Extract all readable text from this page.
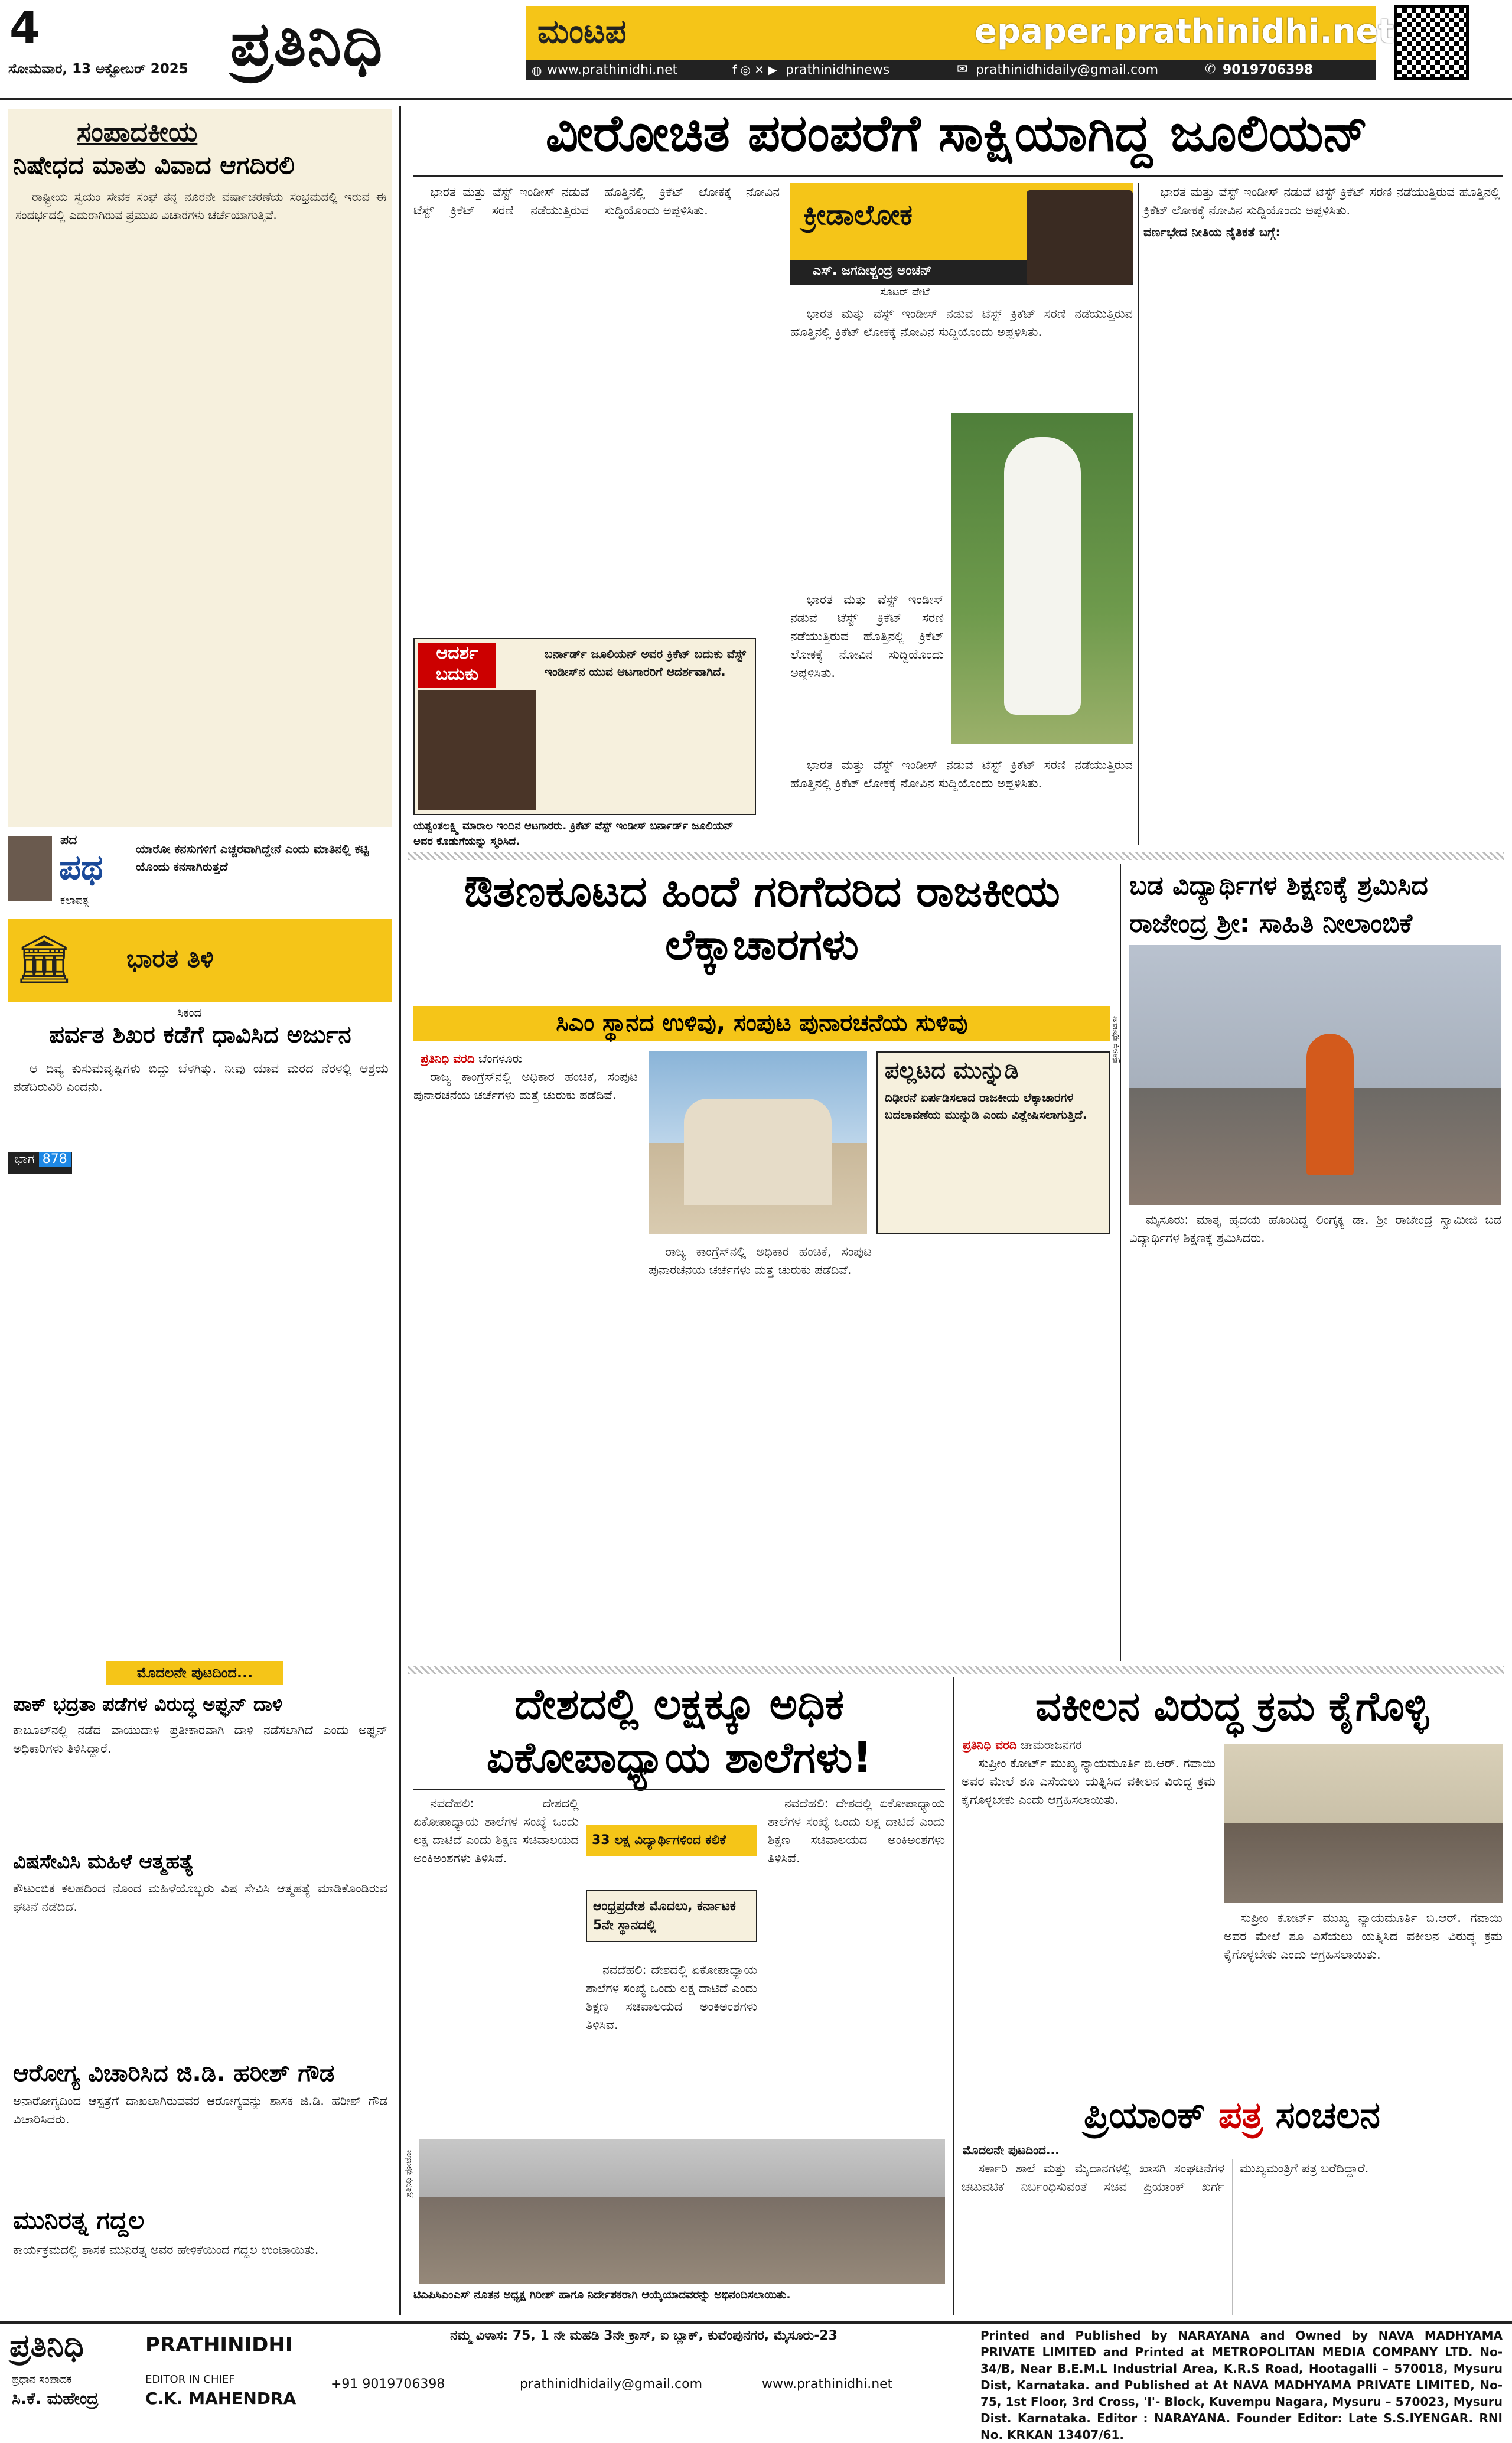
4
ಸೋಮವಾರ, 13 ಅಕ್ಟೋಬರ್ 2025 ಪ್ರತಿನಿಧಿ	ಮಂಟಪ	epaper.prathinidhi.net
◍ www.prathinidhi.net	f ◎ ✕ ▶ prathinidhinews	✉ prathinidhidaily@gmail.com	✆ 9019706398
ಸಂಪಾದಕೀಯ
ನಿಷೇಧದ ಮಾತು ವಿವಾದ ಆಗದಿರಲಿ

ರಾಷ್ಟ್ರೀಯ ಸ್ವಯಂ ಸೇವಕ ಸಂಘ ತನ್ನ ನೂರನೇ ವರ್ಷಾಚರಣೆಯ ಸಂಭ್ರಮದಲ್ಲಿ ಇರುವ ಈ ಸಂದರ್ಭದಲ್ಲಿ ಎದುರಾಗಿರುವ ಪ್ರಮುಖ ವಿಚಾರಗಳು ಚರ್ಚೆಯಾಗುತ್ತಿವೆ.

ಪದ
ಪಥ
ಕಲಾವತ್ಸ
ಯಾರೋ ಕನಸುಗಳಿಗೆ ಎಚ್ಚರವಾಗಿದ್ದೇನೆ ಎಂದು ಮಾತಿನಲ್ಲಿ ಕಟ್ಟಿ ಯೊಂದು ಕನಸಾಗಿರುತ್ತದೆ
🏛	ಭಾರತ ತಿಳಿ
ಸಿಕಂದ
ಪರ್ವತ ಶಿಖರ ಕಡೆಗೆ ಧಾವಿಸಿದ ಅರ್ಜುನ

ಆ ದಿವ್ಯ ಕುಸುಮವೃಷ್ಟಿಗಳು ಬಿದ್ದು ಬೆಳಗಿತ್ತು. ನೀವು ಯಾವ ಮರದ ನೆರಳಲ್ಲಿ ಆಶ್ರಯ ಪಡೆದಿರುವಿರಿ ಎಂದನು.

ಭಾಗ 878
ಮೊದಲನೇ ಪುಟದಿಂದ...
ಪಾಕ್ ಭದ್ರತಾ ಪಡೆಗಳ ವಿರುದ್ಧ ಅಫ್ಘನ್ ದಾಳಿ
ಕಾಬೂಲ್‌ನಲ್ಲಿ ನಡೆದ ವಾಯುದಾಳಿ ಪ್ರತೀಕಾರವಾಗಿ ದಾಳಿ ನಡೆಸಲಾಗಿದೆ ಎಂದು ಅಫ್ಘನ್ ಅಧಿಕಾರಿಗಳು ತಿಳಿಸಿದ್ದಾರೆ.
ವಿಷಸೇವಿಸಿ ಮಹಿಳೆ ಆತ್ಮಹತ್ಯೆ
ಕೌಟುಂಬಿಕ ಕಲಹದಿಂದ ನೊಂದ ಮಹಿಳೆಯೊಬ್ಬರು ವಿಷ ಸೇವಿಸಿ ಆತ್ಮಹತ್ಯೆ ಮಾಡಿಕೊಂಡಿರುವ ಘಟನೆ ನಡೆದಿದೆ.
ಆರೋಗ್ಯ ವಿಚಾರಿಸಿದ ಜಿ.ಡಿ. ಹರೀಶ್ ಗೌಡ
ಅನಾರೋಗ್ಯದಿಂದ ಆಸ್ಪತ್ರೆಗೆ ದಾಖಲಾಗಿರುವವರ ಆರೋಗ್ಯವನ್ನು ಶಾಸಕ ಜಿ.ಡಿ. ಹರೀಶ್ ಗೌಡ ವಿಚಾರಿಸಿದರು.
ಮುನಿರತ್ನ ಗದ್ದಲ
ಕಾರ್ಯಕ್ರಮದಲ್ಲಿ ಶಾಸಕ ಮುನಿರತ್ನ ಅವರ ಹೇಳಿಕೆಯಿಂದ ಗದ್ದಲ ಉಂಟಾಯಿತು.
ವೀರೋಚಿತ ಪರಂಪರೆಗೆ ಸಾಕ್ಷಿಯಾಗಿದ್ದ ಜೂಲಿಯನ್

ಭಾರತ ಮತ್ತು ವೆಸ್ಟ್ ಇಂಡೀಸ್ ನಡುವೆ ಟೆಸ್ಟ್ ಕ್ರಿಕೆಟ್ ಸರಣಿ ನಡೆಯುತ್ತಿರುವ ಹೊತ್ತಿನಲ್ಲಿ ಕ್ರಿಕೆಟ್ ಲೋಕಕ್ಕೆ ನೋವಿನ ಸುದ್ದಿಯೊಂದು ಅಪ್ಪಳಿಸಿತು.	ಕ್ರೀಡಾಲೋಕ
ಎಸ್. ಜಗದೀಶ್ಚಂದ್ರ ಅಂಚನ್
ಸೂಟರ್ ಪೇಟೆ

ಭಾರತ ಮತ್ತು ವೆಸ್ಟ್ ಇಂಡೀಸ್ ನಡುವೆ ಟೆಸ್ಟ್ ಕ್ರಿಕೆಟ್ ಸರಣಿ ನಡೆಯುತ್ತಿರುವ ಹೊತ್ತಿನಲ್ಲಿ ಕ್ರಿಕೆಟ್ ಲೋಕಕ್ಕೆ ನೋವಿನ ಸುದ್ದಿಯೊಂದು ಅಪ್ಪಳಿಸಿತು.

ಭಾರತ ಮತ್ತು ವೆಸ್ಟ್ ಇಂಡೀಸ್ ನಡುವೆ ಟೆಸ್ಟ್ ಕ್ರಿಕೆಟ್ ಸರಣಿ ನಡೆಯುತ್ತಿರುವ ಹೊತ್ತಿನಲ್ಲಿ ಕ್ರಿಕೆಟ್ ಲೋಕಕ್ಕೆ ನೋವಿನ ಸುದ್ದಿಯೊಂದು ಅಪ್ಪಳಿಸಿತು.

ಆದರ್ಶ ಬದುಕು
ಬರ್ನಾರ್ಡ್ ಜೂಲಿಯನ್ ಅವರ ಕ್ರಿಕೆಟ್ ಬದುಕು ವೆಸ್ಟ್ ಇಂಡೀಸ್‌ನ ಯುವ ಆಟಗಾರರಿಗೆ ಆದರ್ಶವಾಗಿದೆ.
ಯಶ್ವಂತಲಕ್ಷ್ಮಿ ಮಾರಾಲ ಇಂದಿನ ಆಟಗಾರರು. ಕ್ರಿಕೆಟ್ ವೆಸ್ಟ್ ಇಂಡೀಸ್ ಬರ್ನಾರ್ಡ್ ಜೂಲಿಯನ್ ಅವರ ಕೊಡುಗೆಯನ್ನು ಸ್ಮರಿಸಿದೆ.

ಭಾರತ ಮತ್ತು ವೆಸ್ಟ್ ಇಂಡೀಸ್ ನಡುವೆ ಟೆಸ್ಟ್ ಕ್ರಿಕೆಟ್ ಸರಣಿ ನಡೆಯುತ್ತಿರುವ ಹೊತ್ತಿನಲ್ಲಿ ಕ್ರಿಕೆಟ್ ಲೋಕಕ್ಕೆ ನೋವಿನ ಸುದ್ದಿಯೊಂದು ಅಪ್ಪಳಿಸಿತು.

ಭಾರತ ಮತ್ತು ವೆಸ್ಟ್ ಇಂಡೀಸ್ ನಡುವೆ ಟೆಸ್ಟ್ ಕ್ರಿಕೆಟ್ ಸರಣಿ ನಡೆಯುತ್ತಿರುವ ಹೊತ್ತಿನಲ್ಲಿ ಕ್ರಿಕೆಟ್ ಲೋಕಕ್ಕೆ ನೋವಿನ ಸುದ್ದಿಯೊಂದು ಅಪ್ಪಳಿಸಿತು.

ವರ್ಣಭೇದ ನೀತಿಯ ನೈತಿಕತೆ ಬಗ್ಗೆ:

ಔತಣಕೂಟದ ಹಿಂದೆ ಗರಿಗೆದರಿದ ರಾಜಕೀಯ ಲೆಕ್ಕಾಚಾರಗಳು
ಸಿಎಂ ಸ್ಥಾನದ ಉಳಿವು, ಸಂಪುಟ ಪುನಾರಚನೆಯ ಸುಳಿವು
ಪ್ರತಿನಿಧಿ ವರದಿ ಬೆಂಗಳೂರು

ರಾಜ್ಯ ಕಾಂಗ್ರೆಸ್‌ನಲ್ಲಿ ಅಧಿಕಾರ ಹಂಚಿಕೆ, ಸಂಪುಟ ಪುನಾರಚನೆಯ ಚರ್ಚೆಗಳು ಮತ್ತೆ ಚುರುಕು ಪಡೆದಿವೆ.

ಪಲ್ಲಟದ ಮುನ್ನುಡಿ
ದಿಢೀರನೆ ಏರ್ಪಡಿಸಲಾದ ರಾಜಕೀಯ ಲೆಕ್ಕಾಚಾರಗಳ ಬದಲಾವಣೆಯ ಮುನ್ನುಡಿ ಎಂದು ವಿಶ್ಲೇಷಿಸಲಾಗುತ್ತಿದೆ.

ರಾಜ್ಯ ಕಾಂಗ್ರೆಸ್‌ನಲ್ಲಿ ಅಧಿಕಾರ ಹಂಚಿಕೆ, ಸಂಪುಟ ಪುನಾರಚನೆಯ ಚರ್ಚೆಗಳು ಮತ್ತೆ ಚುರುಕು ಪಡೆದಿವೆ.

ಬಡ ವಿದ್ಯಾರ್ಥಿಗಳ ಶಿಕ್ಷಣಕ್ಕೆ ಶ್ರಮಿಸಿದ ರಾಜೇಂದ್ರ ಶ್ರೀ: ಸಾಹಿತಿ ನೀಲಾಂಬಿಕೆ
ಪ್ರತಿನಿಧಿ ಫೋಟೋ

ಮೈಸೂರು: ಮಾತೃ ಹೃದಯ ಹೊಂದಿದ್ದ ಲಿಂಗೈಕ್ಯ ಡಾ. ಶ್ರೀ ರಾಜೇಂದ್ರ ಸ್ವಾಮೀಜಿ ಬಡ ವಿದ್ಯಾರ್ಥಿಗಳ ಶಿಕ್ಷಣಕ್ಕೆ ಶ್ರಮಿಸಿದರು.

ದೇಶದಲ್ಲಿ ಲಕ್ಷಕ್ಕೂ ಅಧಿಕ ಏಕೋಪಾಧ್ಯಾಯ ಶಾಲೆಗಳು!

ನವದೆಹಲಿ: ದೇಶದಲ್ಲಿ ಏಕೋಪಾಧ್ಯಾಯ ಶಾಲೆಗಳ ಸಂಖ್ಯೆ ಒಂದು ಲಕ್ಷ ದಾಟಿದೆ ಎಂದು ಶಿಕ್ಷಣ ಸಚಿವಾಲಯದ ಅಂಕಿಅಂಶಗಳು ತಿಳಿಸಿವೆ.

33 ಲಕ್ಷ ವಿದ್ಯಾರ್ಥಿಗಳಿಂದ ಕಲಿಕೆ
ಆಂಧ್ರಪ್ರದೇಶ ಮೊದಲು, ಕರ್ನಾಟಕ 5ನೇ ಸ್ಥಾನದಲ್ಲಿ

ನವದೆಹಲಿ: ದೇಶದಲ್ಲಿ ಏಕೋಪಾಧ್ಯಾಯ ಶಾಲೆಗಳ ಸಂಖ್ಯೆ ಒಂದು ಲಕ್ಷ ದಾಟಿದೆ ಎಂದು ಶಿಕ್ಷಣ ಸಚಿವಾಲಯದ ಅಂಕಿಅಂಶಗಳು ತಿಳಿಸಿವೆ.

ನವದೆಹಲಿ: ದೇಶದಲ್ಲಿ ಏಕೋಪಾಧ್ಯಾಯ ಶಾಲೆಗಳ ಸಂಖ್ಯೆ ಒಂದು ಲಕ್ಷ ದಾಟಿದೆ ಎಂದು ಶಿಕ್ಷಣ ಸಚಿವಾಲಯದ ಅಂಕಿಅಂಶಗಳು ತಿಳಿಸಿವೆ.

ಪ್ರತಿನಿಧಿ ಫೋಟೋ
ಟಿಎಪಿಸಿಎಂಎಸ್ ನೂತನ ಅಧ್ಯಕ್ಷ ಗಿರೀಶ್ ಹಾಗೂ ನಿರ್ದೇಶಕರಾಗಿ ಆಯ್ಕೆಯಾದವರನ್ನು ಅಭಿನಂದಿಸಲಾಯಿತು.
ವಕೀಲನ ವಿರುದ್ಧ ಕ್ರಮ ಕೈಗೊಳ್ಳಿ
ಪ್ರತಿನಿಧಿ ವರದಿ ಚಾಮರಾಜನಗರ

ಸುಪ್ರೀಂ ಕೋರ್ಟ್ ಮುಖ್ಯ ನ್ಯಾಯಮೂರ್ತಿ ಬಿ.ಆರ್. ಗವಾಯಿ ಅವರ ಮೇಲೆ ಶೂ ಎಸೆಯಲು ಯತ್ನಿಸಿದ ವಕೀಲನ ವಿರುದ್ಧ ಕ್ರಮ ಕೈಗೊಳ್ಳಬೇಕು ಎಂದು ಆಗ್ರಹಿಸಲಾಯಿತು.

ಸುಪ್ರೀಂ ಕೋರ್ಟ್ ಮುಖ್ಯ ನ್ಯಾಯಮೂರ್ತಿ ಬಿ.ಆರ್. ಗವಾಯಿ ಅವರ ಮೇಲೆ ಶೂ ಎಸೆಯಲು ಯತ್ನಿಸಿದ ವಕೀಲನ ವಿರುದ್ಧ ಕ್ರಮ ಕೈಗೊಳ್ಳಬೇಕು ಎಂದು ಆಗ್ರಹಿಸಲಾಯಿತು.

ಪ್ರಿಯಾಂಕ್ ಪತ್ರ ಸಂಚಲನ
ಮೊದಲನೇ ಪುಟದಿಂದ...

ಸರ್ಕಾರಿ ಶಾಲೆ ಮತ್ತು ಮೈದಾನಗಳಲ್ಲಿ ಖಾಸಗಿ ಸಂಘಟನೆಗಳ ಚಟುವಟಿಕೆ ನಿರ್ಬಂಧಿಸುವಂತೆ ಸಚಿವ ಪ್ರಿಯಾಂಕ್ ಖರ್ಗೆ ಮುಖ್ಯಮಂತ್ರಿಗೆ ಪತ್ರ ಬರೆದಿದ್ದಾರೆ.

ಪ್ರತಿನಿಧಿ	PRATHINIDHI
ಪ್ರಧಾನ ಸಂಪಾದಕ
ಸಿ.ಕೆ. ಮಹೇಂದ್ರ
EDITOR IN CHIEF
C.K. MAHENDRA
ನಮ್ಮ ವಿಳಾಸ: 75, 1 ನೇ ಮಹಡಿ 3ನೇ ಕ್ರಾಸ್, ಐ ಬ್ಲಾಕ್, ಕುವೆಂಪುನಗರ, ಮೈಸೂರು-23
+91 9019706398	prathinidhidaily@gmail.com	www.prathinidhi.net
Printed and Published by NARAYANA and Owned by NAVA MADHYAMA PRIVATE LIMITED and Printed at METROPOLITAN MEDIA COMPANY LTD. No-34/B, Near B.E.M.L Industrial Area, K.R.S Road, Hootagalli – 570018, Mysuru Dist, Karnataka. and Published at At NAVA MADHYAMA PRIVATE LIMITED, No-75, 1st Floor, 3rd Cross, 'I'- Block, Kuvempu Nagara, Mysuru – 570023, Mysuru Dist. Karnataka. Editor : NARAYANA. Founder Editor: Late S.S.IYENGAR. RNI No. KRKAN 13407/61.
